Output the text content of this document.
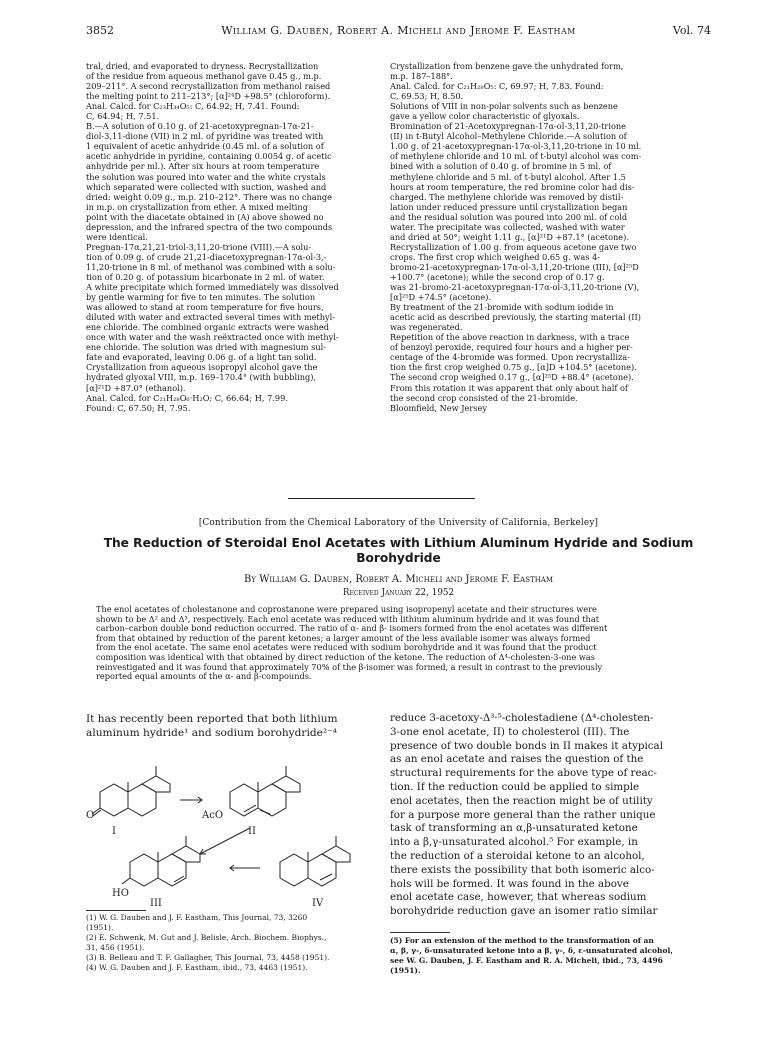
3852	William G. Dauben, Robert A. Micheli and Jerome F. Eastham	Vol. 74
tral, dried, and evaporated to dryness. Recrystallization
of the residue from aqueous methanol gave 0.45 g., m.p.
209–211°. A second recrystallization from methanol raised
the melting point to 211–213°; [α]²⁴D +98.5° (chloroform).
Anal. Calcd. for C₂₃H₃₄O₅: C, 64.92; H, 7.41. Found:
C, 64.94; H, 7.51.
B.—A solution of 0.10 g. of 21-acetoxypregnan-17α-21-
diol-3,11-dione (VII) in 2 ml. of pyridine was treated with
1 equivalent of acetic anhydride (0.45 ml. of a solution of
acetic anhydride in pyridine, containing 0.0054 g. of acetic
anhydride per ml.). After six hours at room temperature
the solution was poured into water and the white crystals
which separated were collected with suction, washed and
dried: weight 0.09 g., m.p. 210–212°. There was no change
in m.p. on crystallization from ether. A mixed melting
point with the diacetate obtained in (A) above showed no
depression, and the infrared spectra of the two compounds
were identical.
Pregnan-17α,21,21-triol-3,11,20-trione (VIII).—A solu-
tion of 0.09 g. of crude 21,21-diacetoxypregnan-17α-ol-3,-
11,20-trione in 8 ml. of methanol was combined with a solu-
tion of 0.20 g. of potassium bicarbonate in 2 ml. of water.
A white precipitate which formed immediately was dissolved
by gentle warming for five to ten minutes. The solution
was allowed to stand at room temperature for five hours,
diluted with water and extracted several times with methyl-
ene chloride. The combined organic extracts were washed
once with water and the wash reëxtracted once with methyl-
ene chloride. The solution was dried with magnesium sul-
fate and evaporated, leaving 0.06 g. of a light tan solid.
Crystallization from aqueous isopropyl alcohol gave the
hydrated glyoxal VIII, m.p. 169–170.4° (with bubbling),
[α]²¹D +87.0° (ethanol).
Anal. Calcd. for C₂₁H₂₈O₆·H₂O: C, 66.64; H, 7.99.
Found: C, 67.50; H, 7.95.
Crystallization from benzene gave the unhydrated form,
m.p. 187–188°.
Anal. Calcd. for C₂₁H₂₈O₅: C, 69.97; H, 7.83. Found:
C, 69.53; H, 8.50.
Solutions of VIII in non-polar solvents such as benzene
gave a yellow color characteristic of glyoxals.
Bromination of 21-Acetoxypregnan-17α-ol-3,11,20-trione
(II) in t-Butyl Alcohol–Methylene Chloride.—A solution of
1.00 g. of 21-acetoxypregnan-17α-ol-3,11,20-trione in 10 ml.
of methylene chloride and 10 ml. of t-butyl alcohol was com-
bined with a solution of 0.40 g. of bromine in 5 ml. of
methylene chloride and 5 ml. of t-butyl alcohol. After 1.5
hours at room temperature, the red bromine color had dis-
charged. The methylene chloride was removed by distil-
lation under reduced pressure until crystallization began
and the residual solution was poured into 200 ml. of cold
water. The precipitate was collected, washed with water
and dried at 50°; weight 1.11 g., [α]²¹D +87.1° (acetone).
Recrystallization of 1.00 g. from aqueous acetone gave two
crops. The first crop which weighed 0.65 g. was 4-
bromo-21-acetoxypregnan-17α-ol-3,11,20-trione (III), [α]²⁵D
+100.7° (acetone); while the second crop of 0.17 g.
was 21-bromo-21-acetoxypregnan-17α-ol-3,11,20-trione (V),
[α]²⁵D +74.5° (acetone).
By treatment of the 21-bromide with sodium iodide in
acetic acid as described previously, the starting material (II)
was regenerated.
Repetition of the above reaction in darkness, with a trace
of benzoyl peroxide, required four hours and a higher per-
centage of the 4-bromide was formed. Upon recrystalliza-
tion the first crop weighed 0.75 g., [α]D +104.5° (acetone).
The second crop weighed 0.17 g., [α]²⁵D +88.4° (acetone).
From this rotation it was apparent that only about half of
the second crop consisted of the 21-bromide.
Bloomfield, New Jersey
[Contribution from the Chemical Laboratory of the University of California, Berkeley]
The Reduction of Steroidal Enol Acetates with Lithium Aluminum Hydride and Sodium
Borohydride
By William G. Dauben, Robert A. Micheli and Jerome F. Eastham
Received January 22, 1952
The enol acetates of cholestanone and coprostanone were prepared using isopropenyl acetate and their structures were
shown to be Δ² and Δ³, respectively. Each enol acetate was reduced with lithium aluminum hydride and it was found that
carbon–carbon double bond reduction occurred. The ratio of α- and β- isomers formed from the enol acetates was different
from that obtained by reduction of the parent ketones; a larger amount of the less available isomer was always formed
from the enol acetate. The same enol acetates were reduced with sodium borohydride and it was found that the product
composition was identical with that obtained by direct reduction of the ketone. The reduction of Δ⁴-cholesten-3-one was
reinvestigated and it was found that approximately 70% of the β-isomer was formed, a result in contrast to the previously
reported equal amounts of the α- and β-compounds.
It has recently been reported that both lithium
aluminum hydride¹ and sodium borohydride²⁻⁴
O	AcO
HO
I	II
III	IV
(1) W. G. Dauben and J. F. Eastham, This Journal, 73, 3260
(1951).
(2) E. Schwenk, M. Gut and J. Belisle, Arch. Biochem. Biophys.,
31, 456 (1951).
(3) B. Belleau and T. F. Gallagher, This Journal, 73, 4458 (1951).
(4) W. G. Dauben and J. F. Eastham, ibid., 73, 4463 (1951).
reduce 3-acetoxy-Δ³·⁵-cholestadiene (Δ⁴-cholesten-
3-one enol acetate, II) to cholesterol (III). The
presence of two double bonds in II makes it atypical
as an enol acetate and raises the question of the
structural requirements for the above type of reac-
tion. If the reduction could be applied to simple
enol acetates, then the reaction might be of utility
for a purpose more general than the rather unique
task of transforming an α,β-unsaturated ketone
into a β,γ-unsaturated alcohol.⁵ For example, in
the reduction of a steroidal ketone to an alcohol,
there exists the possibility that both isomeric alco-
hols will be formed. It was found in the above
enol acetate case, however, that whereas sodium
borohydride reduction gave an isomer ratio similar
(5) For an extension of the method to the transformation of an
α, β, γ-, δ-unsaturated ketone into a β, γ-, δ, ε-unsaturated alcohol,
see W. G. Dauben, J. F. Eastham and R. A. Micheli, ibid., 73, 4496
(1951).
